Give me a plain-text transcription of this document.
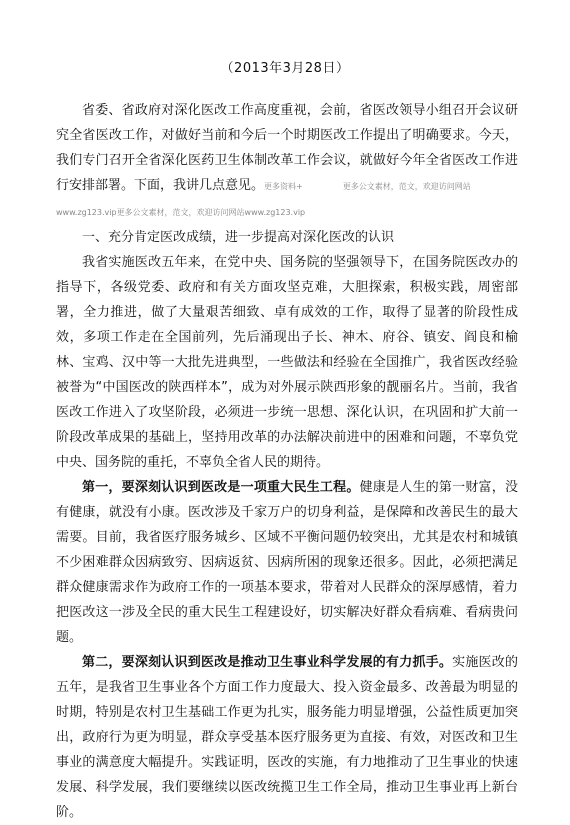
（2013年3月28日）

省委、省政府对深化医改工作高度重视，会前，省医改领导小组召开会议研究全省医改工作，对做好当前和今后一个时期医改工作提出了明确要求。今天，我们专门召开全省深化医药卫生体制改革工作会议，就做好今年全省医改工作进行安排部署。下面，我讲几点意见。更多资料+	更多公文素材，范文，欢迎访问网站

www.zg123.vip更多公文素材，范文，欢迎访问网站www.zg123.vip

一、充分肯定医改成绩，进一步提高对深化医改的认识

我省实施医改五年来，在党中央、国务院的坚强领导下，在国务院医改办的指导下，各级党委、政府和有关方面攻坚克难，大胆探索，积极实践，周密部署，全力推进，做了大量艰苦细致、卓有成效的工作，取得了显著的阶段性成效，多项工作走在全国前列，先后涌现出子长、神木、府谷、镇安、阎良和榆林、宝鸡、汉中等一大批先进典型，一些做法和经验在全国推广，我省医改经验被誉为“中国医改的陕西样本”，成为对外展示陕西形象的靓丽名片。当前，我省医改工作进入了攻坚阶段，必须进一步统一思想、深化认识，在巩固和扩大前一阶段改革成果的基础上，坚持用改革的办法解决前进中的困难和问题，不辜负党中央、国务院的重托，不辜负全省人民的期待。

第一，要深刻认识到医改是一项重大民生工程。健康是人生的第一财富，没有健康，就没有小康。医改涉及千家万户的切身利益，是保障和改善民生的最大需要。目前，我省医疗服务城乡、区域不平衡问题仍较突出，尤其是农村和城镇不少困难群众因病致穷、因病返贫、因病所困的现象还很多。因此，必须把满足群众健康需求作为政府工作的一项基本要求，带着对人民群众的深厚感情，着力把医改这一涉及全民的重大民生工程建设好，切实解决好群众看病难、看病贵问题。

第二，要深刻认识到医改是推动卫生事业科学发展的有力抓手。实施医改的五年，是我省卫生事业各个方面工作力度最大、投入资金最多、改善最为明显的时期，特别是农村卫生基础工作更为扎实，服务能力明显增强，公益性质更加突出，政府行为更为明显，群众享受基本医疗服务更为直接、有效，对医改和卫生事业的满意度大幅提升。实践证明，医改的实施，有力地推动了卫生事业的快速发展、科学发展，我们要继续以医改统揽卫生工作全局，推动卫生事业再上新台阶。
